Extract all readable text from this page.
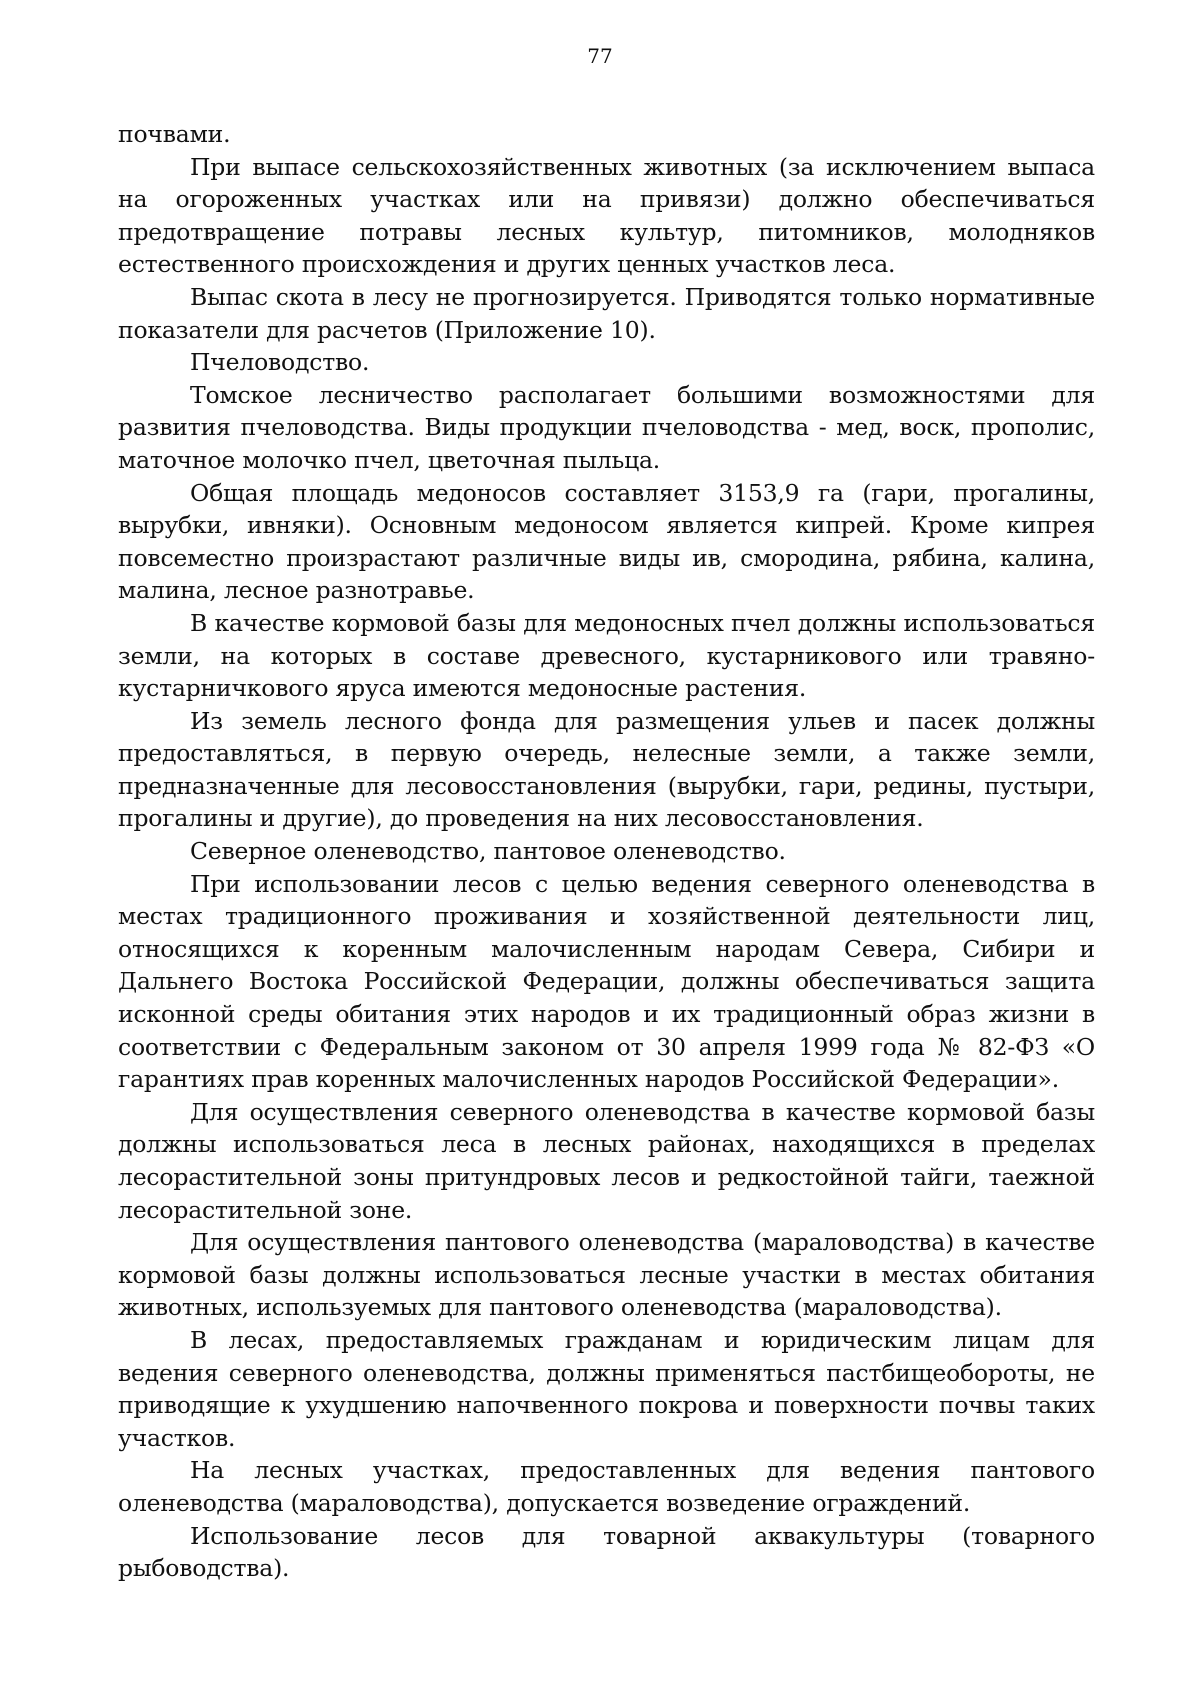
77

почвами.

При выпасе сельскохозяйственных животных (за исключением выпаса на огороженных участках или на привязи) должно обеспечиваться предотвращение потравы лесных культур, питомников, молодняков естественного происхождения и других ценных участков леса.

Выпас скота в лесу не прогнозируется. Приводятся только нормативные показатели для расчетов (Приложение 10).

Пчеловодство.

Томское лесничество располагает большими возможностями для развития пчеловодства. Виды продукции пчеловодства - мед, воск, прополис, маточное молочко пчел, цветочная пыльца.

Общая площадь медоносов составляет 3153,9 га (гари, прогалины, вырубки, ивняки). Основным медоносом является кипрей. Кроме кипрея повсеместно произрастают различные виды ив, смородина, рябина, калина, малина, лесное разнотравье.

В качестве кормовой базы для медоносных пчел должны использоваться земли, на которых в составе древесного, кустарникового или травяно-кустарничкового яруса имеются медоносные растения.

Из земель лесного фонда для размещения ульев и пасек должны предоставляться, в первую очередь, нелесные земли, а также земли, предназначенные для лесовосстановления (вырубки, гари, редины, пустыри, прогалины и другие), до проведения на них лесовосстановления.

Северное оленеводство, пантовое оленеводство.

При использовании лесов с целью ведения северного оленеводства в местах традиционного проживания и хозяйственной деятельности лиц, относящихся к коренным малочисленным народам Севера, Сибири и Дальнего Востока Российской Федерации, должны обеспечиваться защита исконной среды обитания этих народов и их традиционный образ жизни в соответствии с Федеральным законом от 30 апреля 1999 года № 82-ФЗ «О гарантиях прав коренных малочисленных народов Российской Федерации».

Для осуществления северного оленеводства в качестве кормовой базы должны использоваться леса в лесных районах, находящихся в пределах лесорастительной зоны притундровых лесов и редкостойной тайги, таежной лесорастительной зоне.

Для осуществления пантового оленеводства (мараловодства) в качестве кормовой базы должны использоваться лесные участки в местах обитания животных, используемых для пантового оленеводства (мараловодства).

В лесах, предоставляемых гражданам и юридическим лицам для ведения северного оленеводства, должны применяться пастбищеобороты, не приводящие к ухудшению напочвенного покрова и поверхности почвы таких участков.

На лесных участках, предоставленных для ведения пантового оленеводства (мараловодства), допускается возведение ограждений.

Использование лесов для товарной аквакультуры (товарного рыбоводства).
